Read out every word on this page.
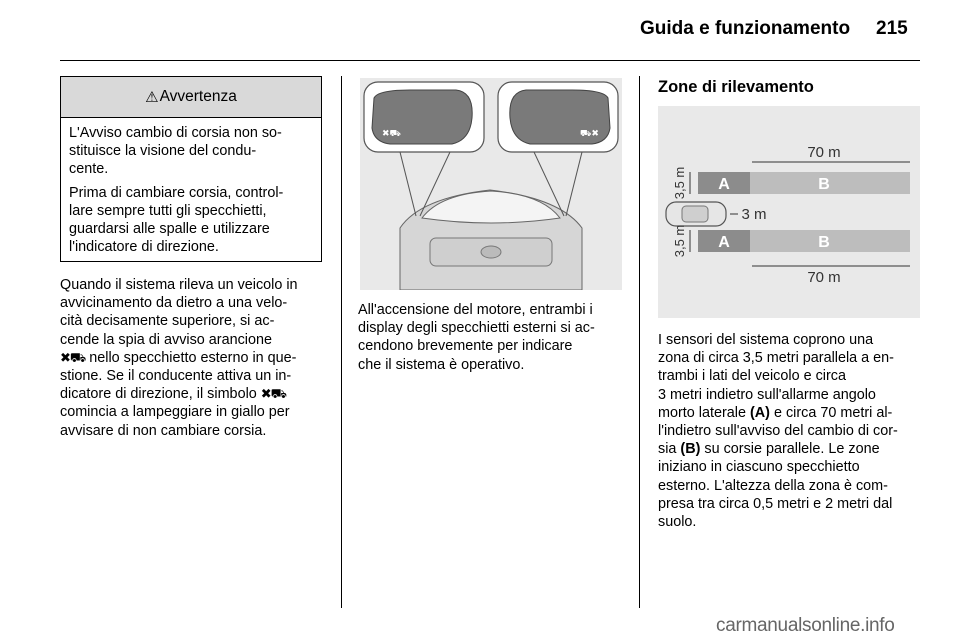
Guida e funzionamento 215
⚠ Avvertenza

L'Avviso cambio di corsia non so-
stituisce la visione del condu-
cente.

Prima di cambiare corsia, control-
lare sempre tutti gli specchietti,
guardarsi alle spalle e utilizzare
l'indicatore di direzione.

Quando il sistema rileva un veicolo in
avvicinamento da dietro a una velo-
cità decisamente superiore, si ac-
cende la spia di avviso arancione
✖⛟ nello specchietto esterno in que-
stione. Se il conducente attiva un in-
dicatore di direzione, il simbolo ✖⛟
comincia a lampeggiare in giallo per
avvisare di non cambiare corsia.
✖⛟	⛟✖
All'accensione del motore, entrambi i
display degli specchietti esterni si ac-
cendono brevemente per indicare
che il sistema è operativo.
Zone di rilevamento
A	B
A	B
70 m
70 m
3 m
3,5 m
3,5 m
I sensori del sistema coprono una
zona di circa 3,5 metri parallela a en-
trambi i lati del veicolo e circa
3 metri indietro sull'allarme angolo
morto laterale (A) e circa 70 metri al-
l'indietro sull'avviso del cambio di cor-
sia (B) su corsie parallele. Le zone
iniziano in ciascuno specchietto
esterno. L'altezza della zona è com-
presa tra circa 0,5 metri e 2 metri dal
suolo.
carmanualsonline.info
